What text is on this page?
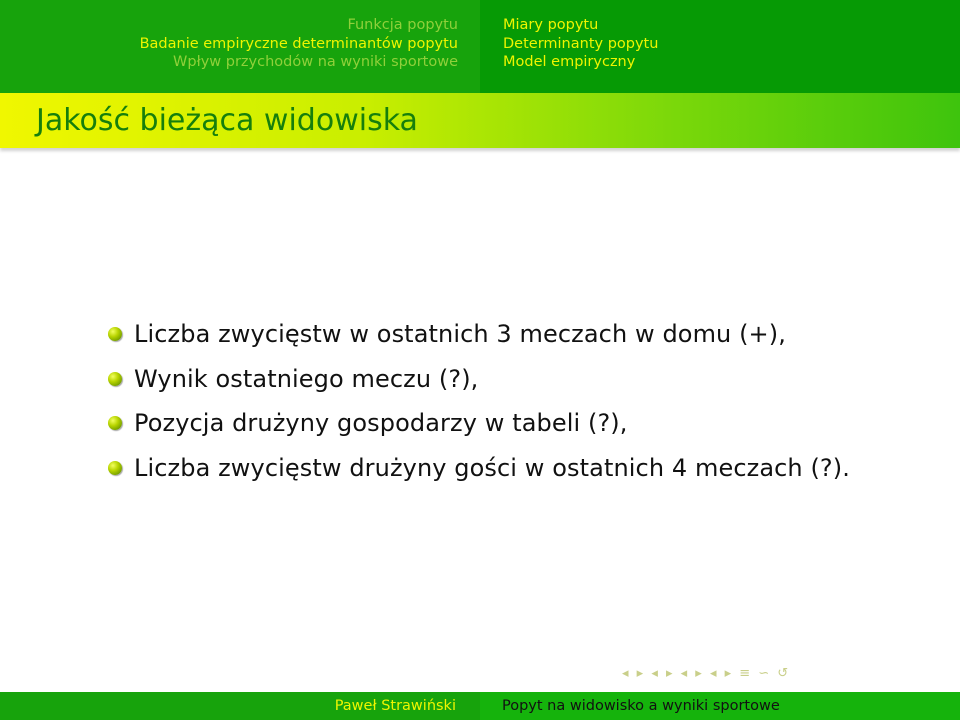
Funkcja popytu
Badanie empiryczne determinantów popytu
Wpływ przychodów na wyniki sportowe
Miary popytu
Determinanty popytu
Model empiryczny
Jakość bieżąca widowiska
Liczba zwycięstw w ostatnich 3 meczach w domu (+),
Wynik ostatniego meczu (?),
Pozycja drużyny gospodarzy w tabeli (?),
Liczba zwycięstw drużyny gości w ostatnich 4 meczach (?).
◂ ▸ ◂ ▸ ◂ ▸ ◂ ▸ ≡ ∽ ↺
Paweł Strawiński	Popyt na widowisko a wyniki sportowe
